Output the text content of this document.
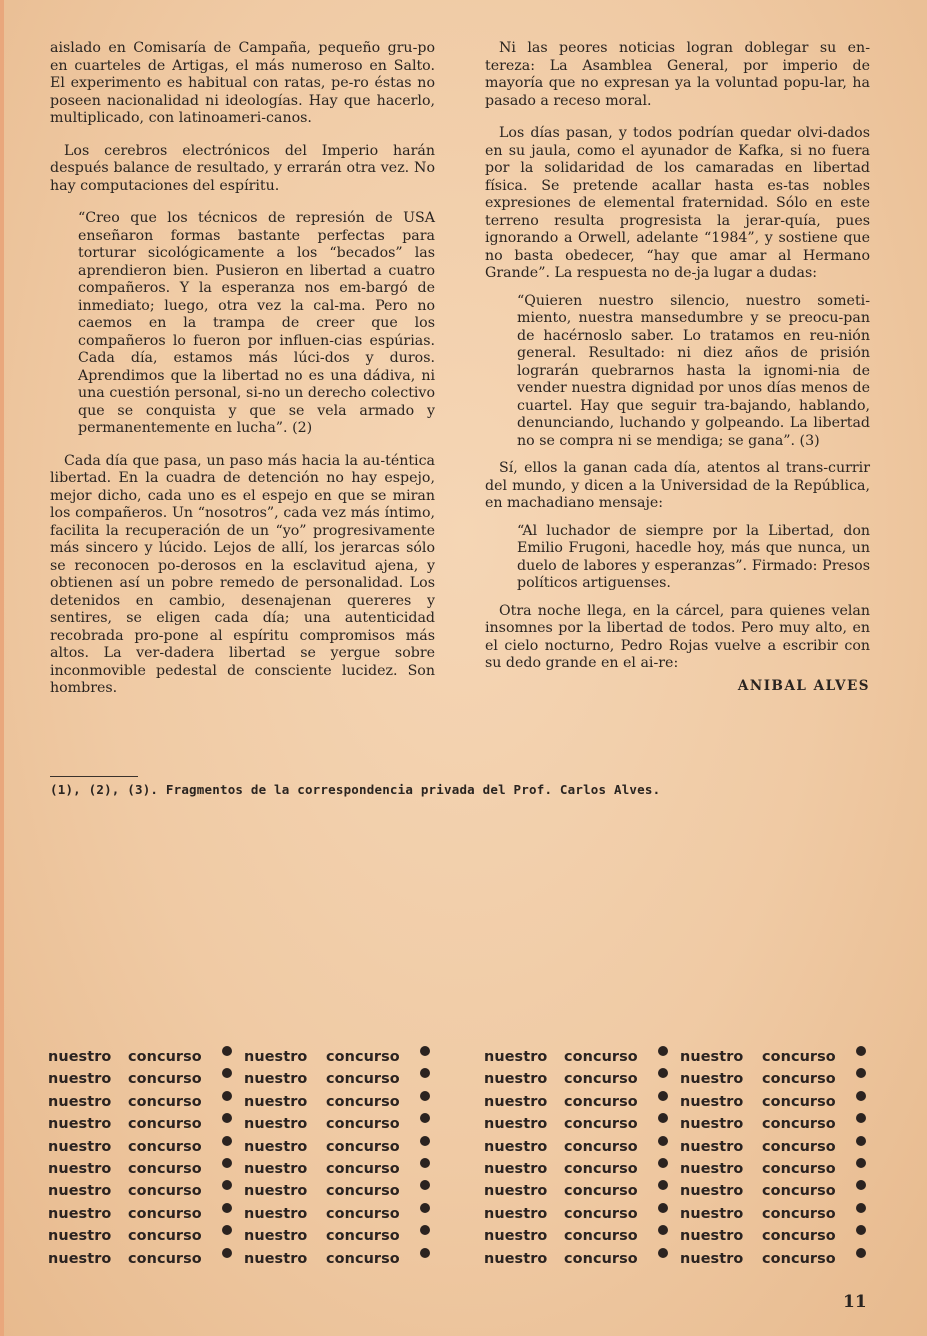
aislado en Comisaría de Campaña, pequeño gru-po en cuarteles de Artigas, el más numeroso en Salto. El experimento es habitual con ratas, pe-ro éstas no poseen nacionalidad ni ideologías. Hay que hacerlo, multiplicado, con latinoameri-canos.

Los cerebros electrónicos del Imperio harán después balance de resultado, y errarán otra vez. No hay computaciones del espíritu.

“Creo que los técnicos de represión de USA enseñaron formas bastante perfectas para torturar sicológicamente a los “becados” las aprendieron bien. Pusieron en libertad a cuatro compañeros. Y la esperanza nos em-bargó de inmediato; luego, otra vez la cal-ma. Pero no caemos en la trampa de creer que los compañeros lo fueron por influen-cias espúrias. Cada día, estamos más lúci-dos y duros. Aprendimos que la libertad no es una dádiva, ni una cuestión personal, si-no un derecho colectivo que se conquista y que se vela armado y permanentemente en lucha”. (2)

Cada día que pasa, un paso más hacia la au-téntica libertad. En la cuadra de detención no hay espejo, mejor dicho, cada uno es el espejo en que se miran los compañeros. Un “nosotros”, cada vez más íntimo, facilita la recuperación de un “yo” progresivamente más sincero y lúcido. Lejos de allí, los jerarcas sólo se reconocen po-derosos en la esclavitud ajena, y obtienen así un pobre remedo de personalidad. Los detenidos en cambio, desenajenan quereres y sentires, se eligen cada día; una autenticidad recobrada pro-pone al espíritu compromisos más altos. La ver-dadera libertad se yergue sobre inconmovible pedestal de consciente lucidez. Son hombres.

Ni las peores noticias logran doblegar su en-tereza: La Asamblea General, por imperio de mayoría que no expresan ya la voluntad popu-lar, ha pasado a receso moral.

Los días pasan, y todos podrían quedar olvi-dados en su jaula, como el ayunador de Kafka, si no fuera por la solidaridad de los camaradas en libertad física. Se pretende acallar hasta es-tas nobles expresiones de elemental fraternidad. Sólo en este terreno resulta progresista la jerar-quía, pues ignorando a Orwell, adelante “1984”, y sostiene que no basta obedecer, “hay que amar al Hermano Grande”. La respuesta no de-ja lugar a dudas:

“Quieren nuestro silencio, nuestro someti-miento, nuestra mansedumbre y se preocu-pan de hacérnoslo saber. Lo tratamos en reu-nión general. Resultado: ni diez años de prisión lograrán quebrarnos hasta la ignomi-nia de vender nuestra dignidad por unos días menos de cuartel. Hay que seguir tra-bajando, hablando, denunciando, luchando y golpeando. La libertad no se compra ni se mendiga; se gana”. (3)

Sí, ellos la ganan cada día, atentos al trans-currir del mundo, y dicen a la Universidad de la República, en machadiano mensaje:

“Al luchador de siempre por la Libertad, don Emilio Frugoni, hacedle hoy, más que nunca, un duelo de labores y esperanzas”. Firmado: Presos políticos artiguenses.

Otra noche llega, en la cárcel, para quienes velan insomnes por la libertad de todos. Pero muy alto, en el cielo nocturno, Pedro Rojas vuelve a escribir con su dedo grande en el ai-re:

ANIBAL ALVES
(1), (2), (3). Fragmentos de la correspondencia privada del Prof. Carlos Alves.
nuestro concurso	nuestro concurso
nuestro concurso	nuestro concurso
nuestro concurso	nuestro concurso
nuestro concurso	nuestro concurso
nuestro concurso	nuestro concurso
nuestro concurso	nuestro concurso
nuestro concurso	nuestro concurso
nuestro concurso	nuestro concurso
nuestro concurso	nuestro concurso
nuestro concurso	nuestro concurso
nuestro concurso	nuestro concurso
nuestro concurso	nuestro concurso
nuestro concurso	nuestro concurso
nuestro concurso	nuestro concurso
nuestro concurso	nuestro concurso
nuestro concurso	nuestro concurso
nuestro concurso	nuestro concurso
nuestro concurso	nuestro concurso
nuestro concurso	nuestro concurso
nuestro concurso	nuestro concurso
11
